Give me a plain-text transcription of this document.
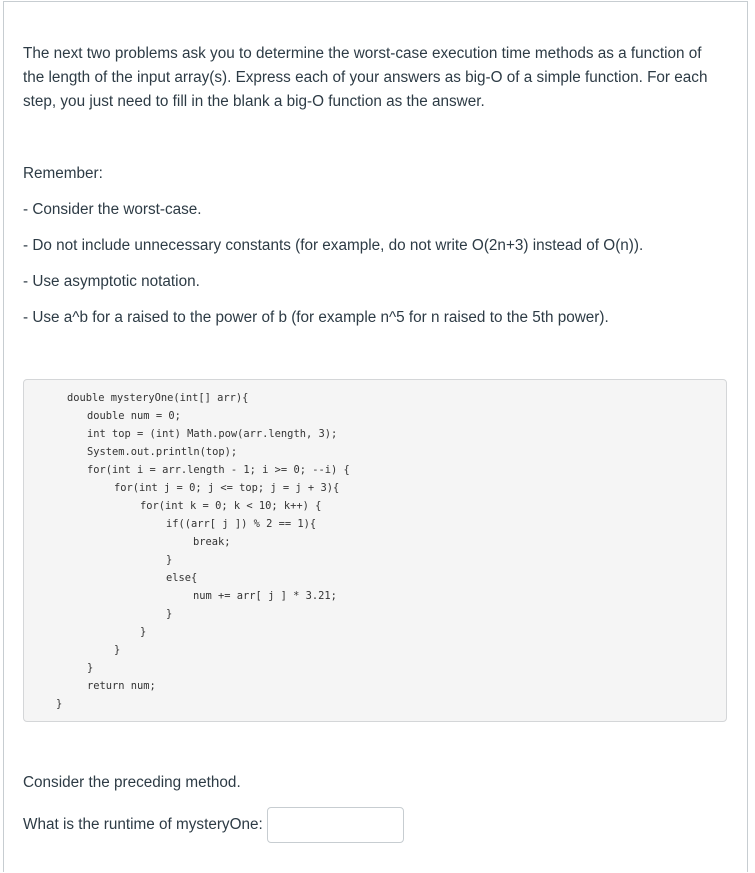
The next two problems ask you to determine the worst-case execution time methods as a function of the length of the input array(s). Express each of your answers as big-O of a simple function. For each step, you just need to fill in the blank a big-O function as the answer.

Remember:

- Consider the worst-case.

- Do not include unnecessary constants (for example, do not write O(2n+3) instead of O(n)).

- Use asymptotic notation.

- Use a^b for a raised to the power of b (for example n^5 for n raised to the 5th power).

double mysteryOne(int[] arr){
double num = 0;
int top = (int) Math.pow(arr.length, 3);
System.out.println(top);
for(int i = arr.length - 1; i >= 0; --i) {
for(int j = 0; j <= top; j = j + 3){
for(int k = 0; k < 10; k++) {
if((arr[ j ]) % 2 == 1){
break;
}
else{
num += arr[ j ] * 3.21;
}
}
}
}
return num;
}

Consider the preceding method.

What is the runtime of mysteryOne:
